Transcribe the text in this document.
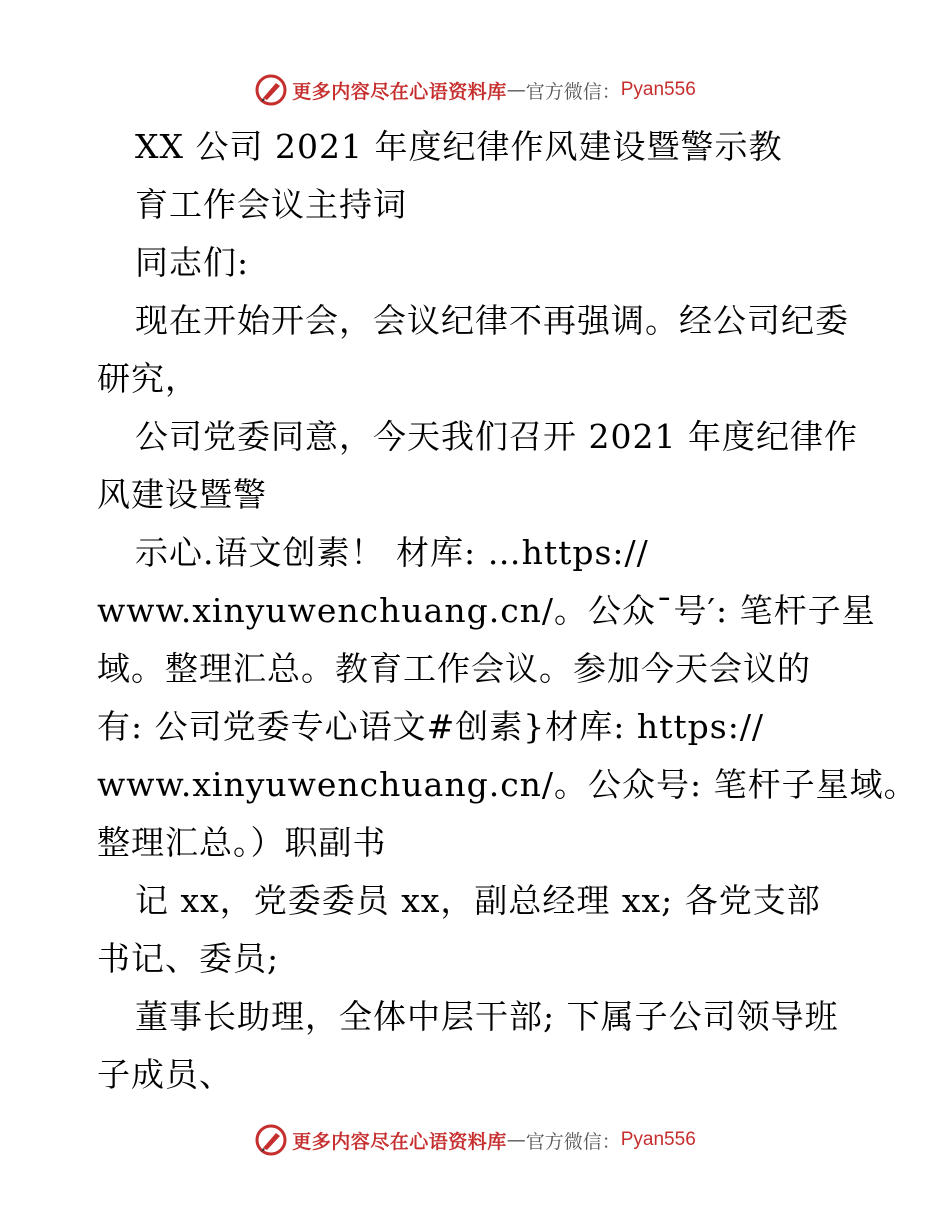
更多内容尽在心语资料库 — 官方微信： Pyan556
XX 公司 2021 年度纪律作风建设暨警示教
育工作会议主持词
同志们:
现在开始开会，会议纪律不再强调。经公司纪委
研究，
公司党委同意，今天我们召开 2021 年度纪律作
风建设暨警
示心.语文创素！ 材库: …https://
www.xinyuwenchuang.cn/。公众¯号′: 笔杆子星
域。整理汇总。教育工作会议。参加今天会议的
有: 公司党委专心语文#创素}材库: https://
www.xinyuwenchuang.cn/。公众号: 笔杆子星域。
整理汇总。）职副书
记 xx，党委委员 xx，副总经理 xx; 各党支部
书记、委员;
董事长助理，全体中层干部; 下属子公司领导班
子成员、
更多内容尽在心语资料库 — 官方微信： Pyan556
